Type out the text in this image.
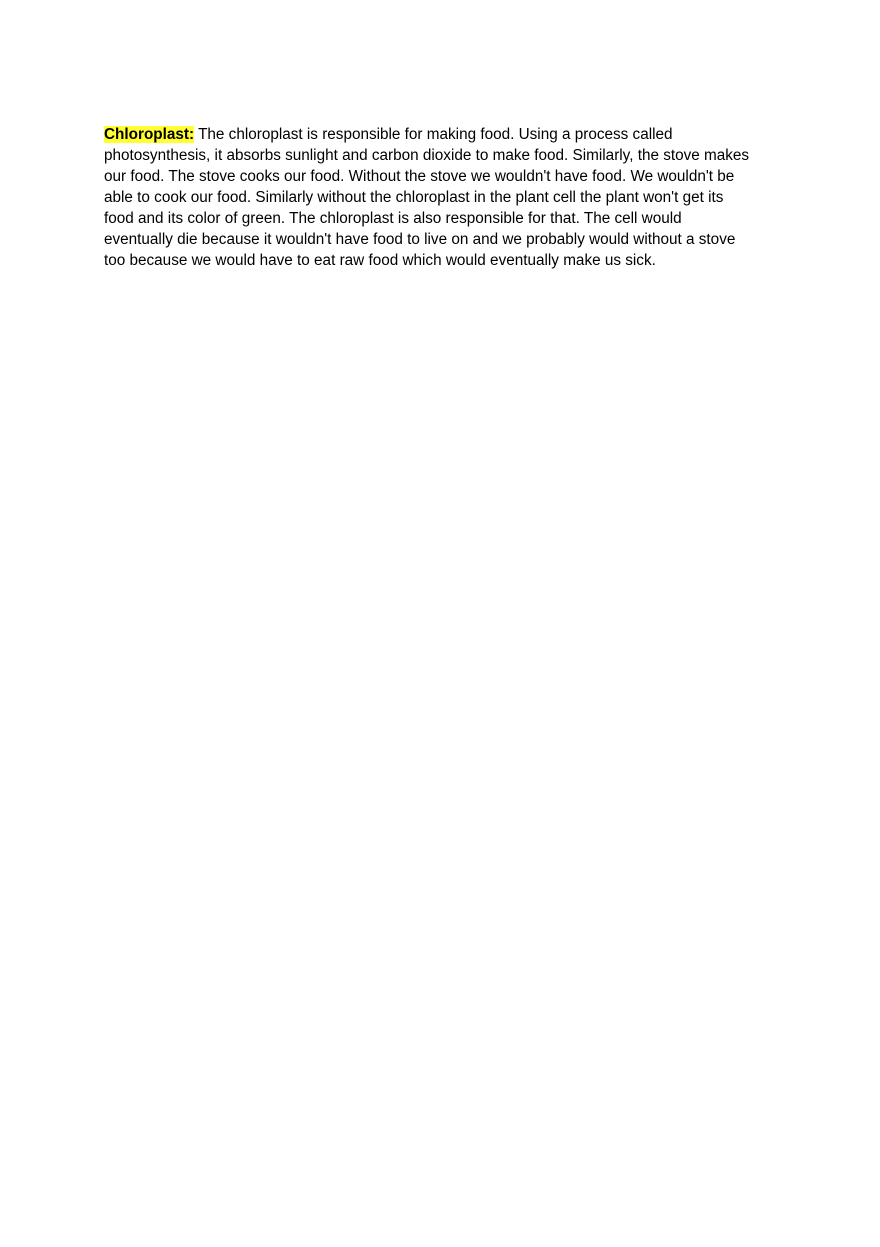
Chloroplast: The chloroplast is responsible for making food. Using a process called
photosynthesis, it absorbs sunlight and carbon dioxide to make food. Similarly, the stove makes
our food. The stove cooks our food. Without the stove we wouldn't have food. We wouldn't be
able to cook our food. Similarly without the chloroplast in the plant cell the plant won't get its
food and its color of green. The chloroplast is also responsible for that. The cell would
eventually die because it wouldn't have food to live on and we probably would without a stove
too because we would have to eat raw food which would eventually make us sick.
